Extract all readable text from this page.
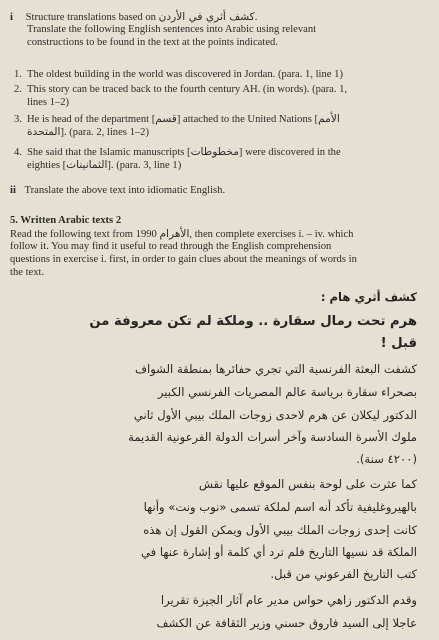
i Structure translations based on كشف أثري في الأردن.
Translate the following English sentences into Arabic using relevant
constructions to be found in the text at the points indicated.
1. The oldest building in the world was discovered in Jordan. (para. 1, line 1)
2. This story can be traced back to the fourth century AH. (in words). (para. 1,
lines 1–2)
3. He is head of the department [قسم] attached to the United Nations [الأمم
المتحدة]. (para. 2, lines 1–2)
4. She said that the Islamic manuscripts [مخطوطات] were discovered in the
eighties [الثمانينات]. (para. 3, line 1)
ii Translate the above text into idiomatic English.
5. Written Arabic texts 2
Read the following text from	الأهرام 1990, then complete exercises i. – iv. which
follow it. You may find it useful to read through the English comprehension
questions in exercise i. first, in order to gain clues about the meanings of words in
the text.
كشف أثري هام :
هرم تحت رمال سقارة .. وملكة لم تكن معروفة من
قبل !
كشفت البعثة الفرنسية التي تجري حفائرها بمنطقة الشواف
بصحراء سقارة برياسة عالم المصريات الفرنسي الكبير
الدكتور ليكلان عن هرم لاحدى زوجات الملك بيبي الأول ثاني
ملوك الأسرة السادسة وآخر أسرات الدولة الفرعونية القديمة
(٤٢٠٠ سنة).
كما عثرت على لوحة بنفس الموقع عليها نقش
بالهيروغليفية تأكد أنه اسم لملكة تسمى «نوب ونت» وأنها
كانت إحدى زوجات الملك بيبي الأول ويمكن القول إن هذه
الملكة قد نسيها التاريخ فلم ترد أي كلمة أو إشارة عنها في
كتب التاريخ الفرعوني من قبل.
وقدم الدكتور زاهي حواس مدير عام آثار الجيزة تقريرا
عاجلا إلى السيد فاروق حسني وزير الثقافة عن الكشف
